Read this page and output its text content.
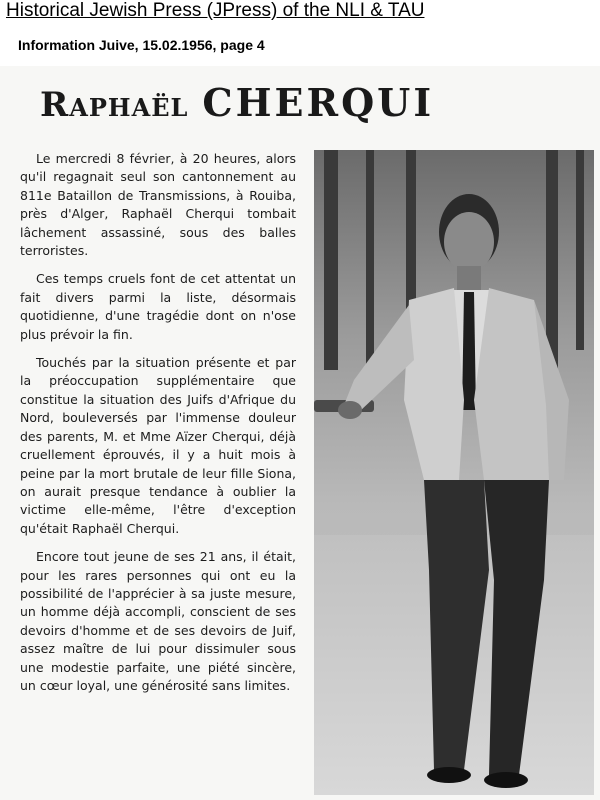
Historical Jewish Press (JPress) of the NLI & TAU
Information Juive, 15.02.1956, page 4
Raphaël CHERQUI

Le mercredi 8 février, à 20 heures, alors qu'il regagnait seul son cantonnement au 811e Bataillon de Transmissions, à Rouiba, près d'Alger, Raphaël Cherqui tombait lâchement assassiné, sous des balles terroristes.

Ces temps cruels font de cet attentat un fait divers parmi la liste, désormais quotidienne, d'une tragédie dont on n'ose plus prévoir la fin.

Touchés par la situation présente et par la préoccupation supplémentaire que constitue la situation des Juifs d'Afrique du Nord, bouleversés par l'immense douleur des parents, M. et Mme Aïzer Cherqui, déjà cruellement éprouvés, il y a huit mois à peine par la mort brutale de leur fille Siona, on aurait presque tendance à oublier la victime elle-même, l'être d'exception qu'était Raphaël Cherqui.

Encore tout jeune de ses 21 ans, il était, pour les rares personnes qui ont eu la possibilité de l'apprécier à sa juste mesure, un homme déjà accompli, conscient de ses devoirs d'homme et de ses devoirs de Juif, assez maître de lui pour dissimuler sous une modestie parfaite, une piété sincère, un cœur loyal, une générosité sans limites.
